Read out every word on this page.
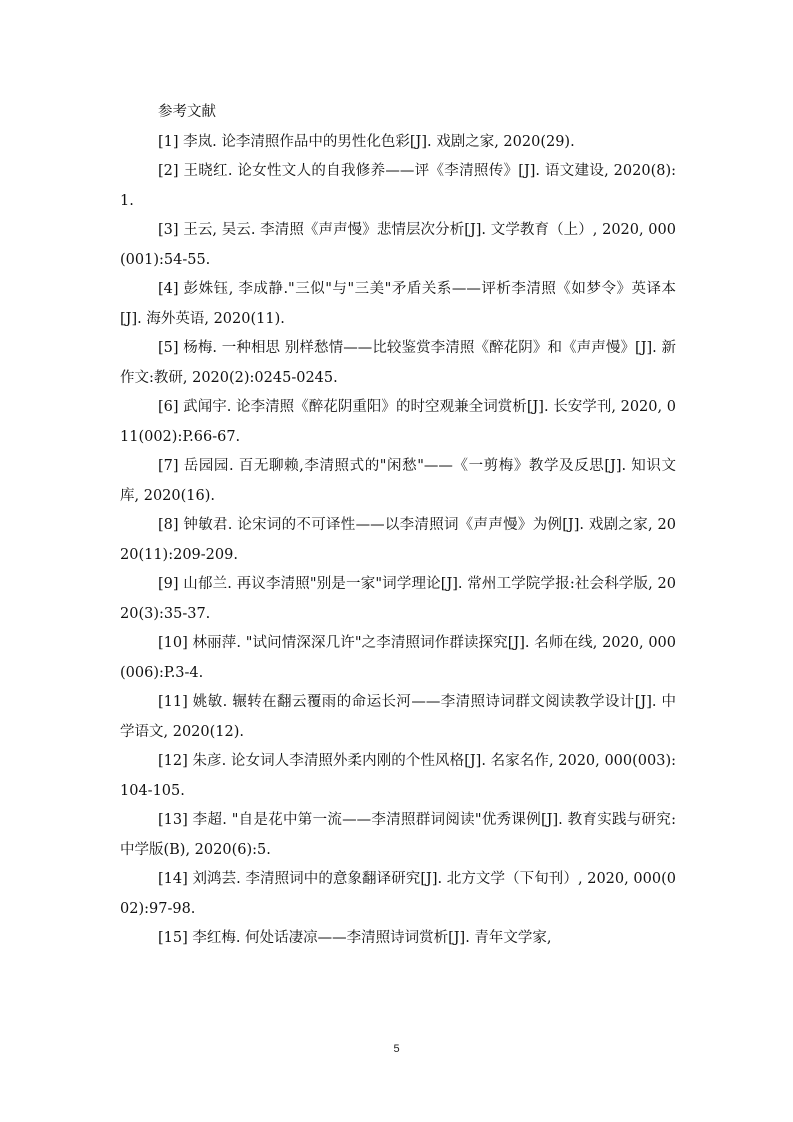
参考文献

[1] 李岚. 论李清照作品中的男性化色彩[J]. 戏剧之家, 2020(29).

[2] 王晓红. 论女性文人的自我修养——评《李清照传》[J]. 语文建设, 2020(8):1.

[3] 王云, 吴云. 李清照《声声慢》悲情层次分析[J]. 文学教育（上）, 2020, 000(001):54-55.

[4] 彭姝钰, 李成静."三似"与"三美"矛盾关系——评析李清照《如梦令》英译本[J]. 海外英语, 2020(11).

[5] 杨梅. 一种相思 别样愁情——比较鉴赏李清照《醉花阴》和《声声慢》[J]. 新作文:教研, 2020(2):0245-0245.

[6] 武闻宇. 论李清照《醉花阴重阳》的时空观兼全词赏析[J]. 长安学刊, 2020, 011(002):P.66-67.

[7] 岳园园. 百无聊赖,李清照式的"闲愁"——《一剪梅》教学及反思[J]. 知识文库, 2020(16).

[8] 钟敏君. 论宋词的不可译性——以李清照词《声声慢》为例[J]. 戏剧之家, 2020(11):209-209.

[9] 山郁兰. 再议李清照"别是一家"词学理论[J]. 常州工学院学报:社会科学版, 2020(3):35-37.

[10] 林丽萍. "试问情深深几许"之李清照词作群读探究[J]. 名师在线, 2020, 000(006):P.3-4.

[11] 姚敏. 辗转在翻云覆雨的命运长河——李清照诗词群文阅读教学设计[J]. 中学语文, 2020(12).

[12] 朱彦. 论女词人李清照外柔内刚的个性风格[J]. 名家名作, 2020, 000(003):104-105.

[13] 李超. "自是花中第一流——李清照群词阅读"优秀课例[J]. 教育实践与研究:中学版(B), 2020(6):5.

[14] 刘鸿芸. 李清照词中的意象翻译研究[J]. 北方文学（下旬刊）, 2020, 000(002):97-98.

[15] 李红梅. 何处话凄凉——李清照诗词赏析[J]. 青年文学家,

5
